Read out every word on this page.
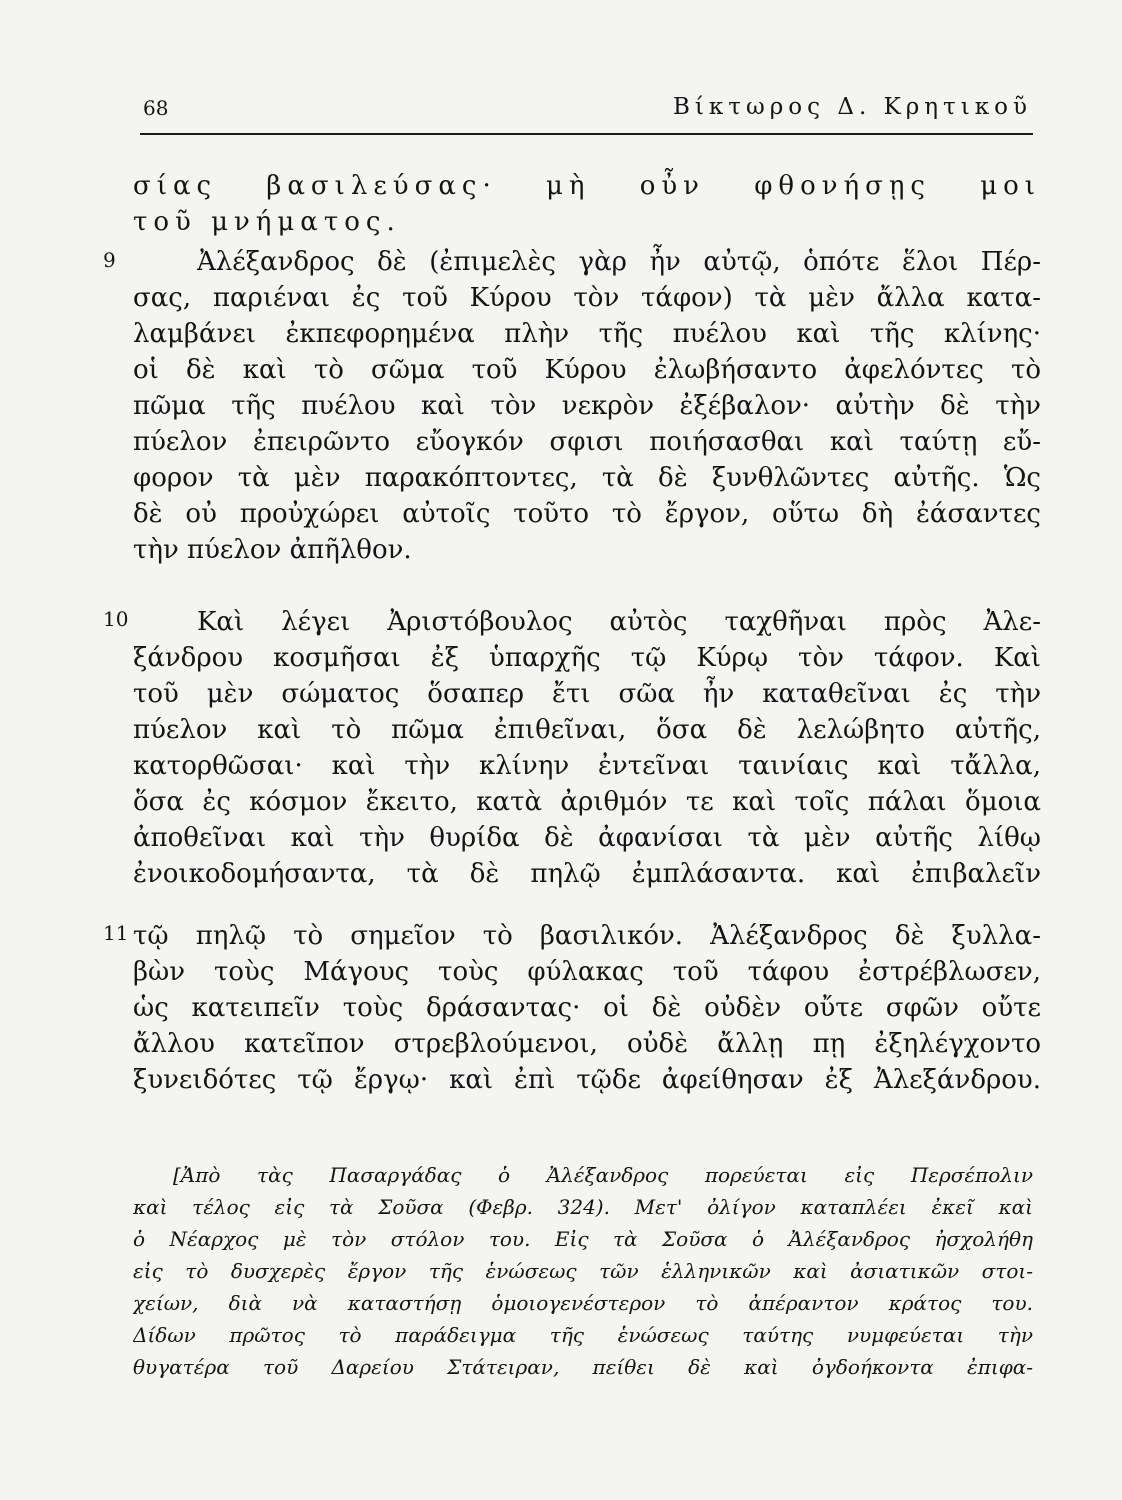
68	Βίκτωρος Δ. Κρητικοῦ
9
10
11
σίας βασιλεύσας· μὴ οὖν φθονήσῃς μοι
τοῦ μνήματος.
Ἀλέξανδρος δὲ (ἐπιμελὲς γὰρ ἦν αὐτῷ, ὁπότε ἕλοι Πέρ-
σας, παριέναι ἐς τοῦ Κύρου τὸν τάφον) τὰ μὲν ἄλλα κατα-
λαμβάνει ἐκπεφορημένα πλὴν τῆς πυέλου καὶ τῆς κλίνης·
οἱ δὲ καὶ τὸ σῶμα τοῦ Κύρου ἐλωβήσαντο ἀφελόντες τὸ
πῶμα τῆς πυέλου καὶ τὸν νεκρὸν ἐξέβαλον· αὐτὴν δὲ τὴν
πύελον ἐπειρῶντο εὔογκόν σφισι ποιήσασθαι καὶ ταύτῃ εὔ-
φορον τὰ μὲν παρακόπτοντες, τὰ δὲ ξυνθλῶντες αὐτῆς. Ὡς
δὲ οὐ προὐχώρει αὐτοῖς τοῦτο τὸ ἔργον, οὕτω δὴ ἐάσαντες
τὴν πύελον ἀπῆλθον.
Καὶ λέγει Ἀριστόβουλος αὐτὸς ταχθῆναι πρὸς Ἀλε-
ξάνδρου κοσμῆσαι ἐξ ὑπαρχῆς τῷ Κύρῳ τὸν τάφον. Καὶ
τοῦ μὲν σώματος ὅσαπερ ἔτι σῶα ἦν καταθεῖναι ἐς τὴν
πύελον καὶ τὸ πῶμα ἐπιθεῖναι, ὅσα δὲ λελώβητο αὐτῆς,
κατορθῶσαι· καὶ τὴν κλίνην ἐντεῖναι ταινίαις καὶ τἄλλα,
ὅσα ἐς κόσμον ἔκειτο, κατὰ ἀριθμόν τε καὶ τοῖς πάλαι ὅμοια
ἀποθεῖναι καὶ τὴν θυρίδα δὲ ἀφανίσαι τὰ μὲν αὐτῆς λίθῳ
ἐνοικοδομήσαντα, τὰ δὲ πηλῷ ἐμπλάσαντα. καὶ ἐπιβαλεῖν
τῷ πηλῷ τὸ σημεῖον τὸ βασιλικόν. Ἀλέξανδρος δὲ ξυλλα-
βὼν τοὺς Μάγους τοὺς φύλακας τοῦ τάφου ἐστρέβλωσεν,
ὡς κατειπεῖν τοὺς δράσαντας· οἱ δὲ οὐδὲν οὔτε σφῶν οὔτε
ἄλλου κατεῖπον στρεβλούμενοι, οὐδὲ ἄλλῃ πῃ ἐξηλέγχοντο
ξυνειδότες τῷ ἔργῳ· καὶ ἐπὶ τῷδε ἀφείθησαν ἐξ Ἀλεξάνδρου.
[Ἀπὸ τὰς Πασαργάδας ὁ Ἀλέξανδρος πορεύεται εἰς Περσέπολιν
καὶ τέλος εἰς τὰ Σοῦσα (Φεβρ. 324). Μετ' ὀλίγον καταπλέει ἐκεῖ καὶ
ὁ Νέαρχος μὲ τὸν στόλον του. Εἰς τὰ Σοῦσα ὁ Ἀλέξανδρος ἠσχολήθη
εἰς τὸ δυσχερὲς ἔργον τῆς ἑνώσεως τῶν ἑλληνικῶν καὶ ἀσιατικῶν στοι-
χείων, διὰ νὰ καταστήσῃ ὁμοιογενέστερον τὸ ἀπέραντον κράτος του.
Δίδων πρῶτος τὸ παράδειγμα τῆς ἑνώσεως ταύτης νυμφεύεται τὴν
θυγατέρα τοῦ Δαρείου Στάτειραν, πείθει δὲ καὶ ὀγδοήκοντα ἐπιφα-
